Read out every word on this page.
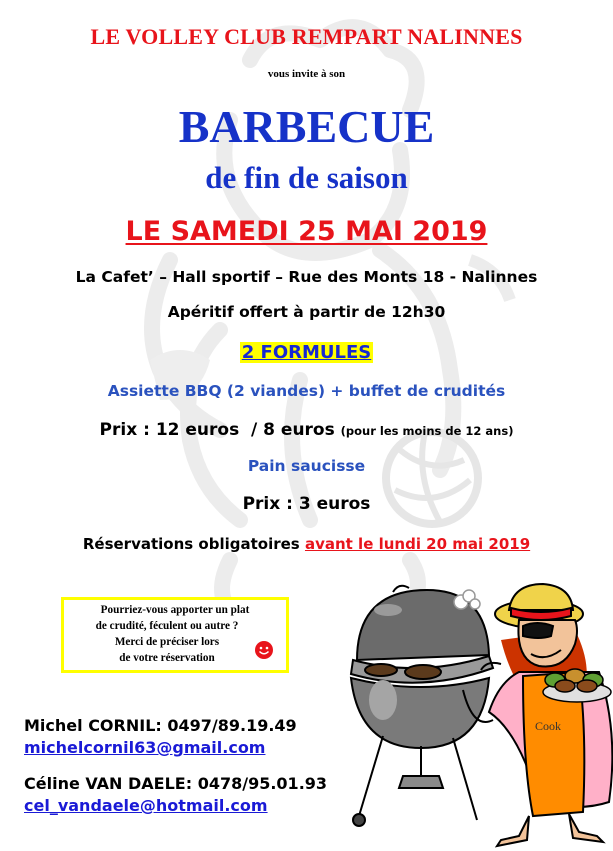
LE VOLLEY CLUB REMPART NALINNES
vous invite à son
BARBECUE
de fin de saison
LE SAMEDI 25 MAI 2019
La Cafet’ – Hall sportif – Rue des Monts 18 - Nalinnes
Apéritif offert à partir de 12h30
2 FORMULES
Assiette BBQ (2 viandes) + buffet de crudités
Prix : 12 euros  / 8 euros (pour les moins de 12 ans)
Pain saucisse
Prix : 3 euros
Réservations obligatoires avant le lundi 20 mai 2019
Pourriez-vous apporter un plat
de crudité, féculent ou autre ?
Merci de préciser lors
de votre réservation
Michel CORNIL: 0497/89.19.49
michelcornil63@gmail.com
Céline VAN DAELE: 0478/95.01.93
cel_vandaele@hotmail.com
Cook
